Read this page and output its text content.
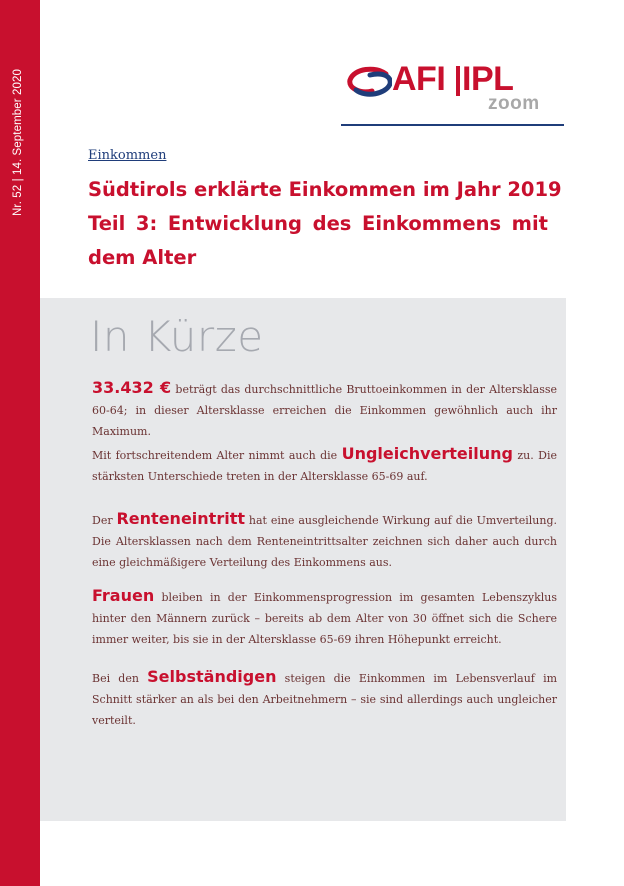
Nr. 52 | 14. September 2020	AFI IPL
zoom
Einkommen
Südtirols erklärte Einkommen im Jahr 2019
Teil 3: Entwicklung des Einkommens mit
dem Alter
In Kürze

33.432 € beträgt das durchschnittliche Bruttoeinkommen in der Altersklasse 60-64; in dieser Altersklasse erreichen die Einkommen gewöhnlich auch ihr Maximum.

Mit fortschreitendem Alter nimmt auch die Ungleichverteilung zu. Die stärksten Unterschiede treten in der Altersklasse 65-69 auf.

Der Renteneintritt hat eine ausgleichende Wirkung auf die Umverteilung. Die Altersklassen nach dem Renteneintrittsalter zeichnen sich daher auch durch eine gleichmäßigere Verteilung des Einkommens aus.

Frauen bleiben in der Einkommensprogression im gesamten Lebenszyklus hinter den Männern zurück – bereits ab dem Alter von 30 öffnet sich die Schere immer weiter, bis sie in der Altersklasse 65-69 ihren Höhepunkt erreicht.

Bei den Selbständigen steigen die Einkommen im Lebensverlauf im Schnitt stärker an als bei den Arbeitnehmern – sie sind allerdings auch ungleicher verteilt.
